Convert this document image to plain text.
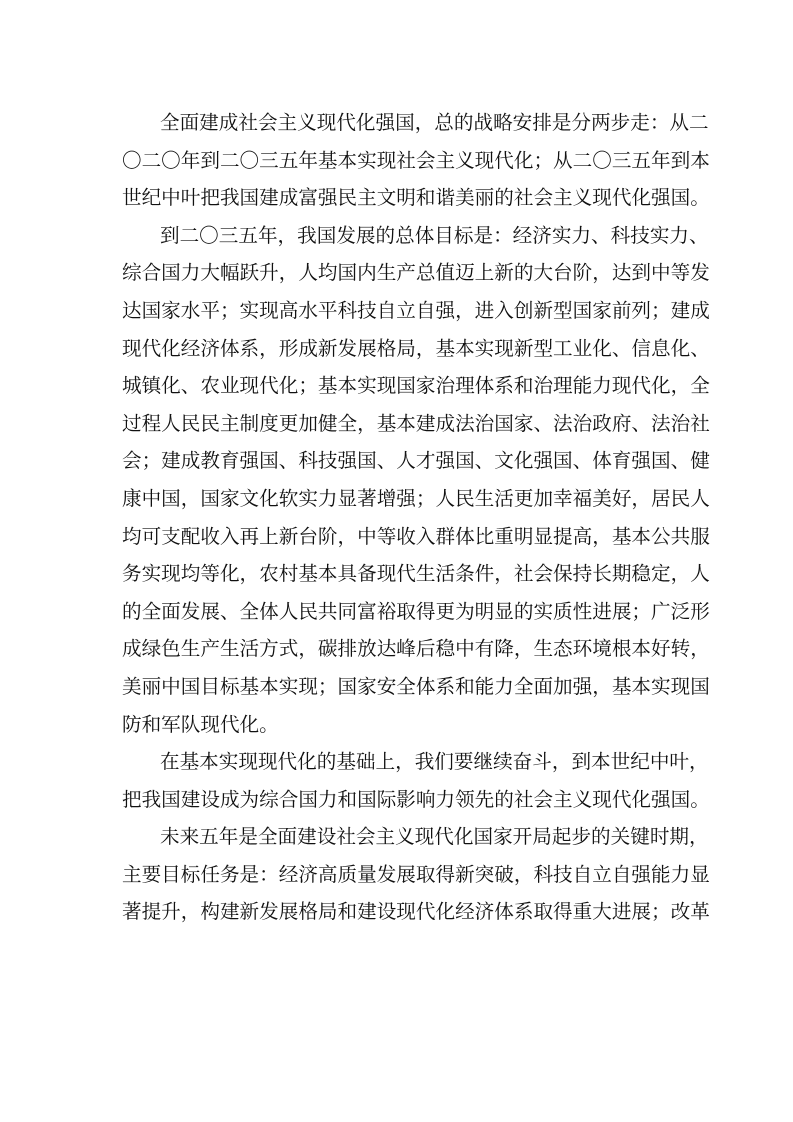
全面建成社会主义现代化强国，总的战略安排是分两步走：从二
〇二〇年到二〇三五年基本实现社会主义现代化；从二〇三五年到本
世纪中叶把我国建成富强民主文明和谐美丽的社会主义现代化强国。
到二〇三五年，我国发展的总体目标是：经济实力、科技实力、
综合国力大幅跃升，人均国内生产总值迈上新的大台阶，达到中等发
达国家水平；实现高水平科技自立自强，进入创新型国家前列；建成
现代化经济体系，形成新发展格局，基本实现新型工业化、信息化、
城镇化、农业现代化；基本实现国家治理体系和治理能力现代化，全
过程人民民主制度更加健全，基本建成法治国家、法治政府、法治社
会；建成教育强国、科技强国、人才强国、文化强国、体育强国、健
康中国，国家文化软实力显著增强；人民生活更加幸福美好，居民人
均可支配收入再上新台阶，中等收入群体比重明显提高，基本公共服
务实现均等化，农村基本具备现代生活条件，社会保持长期稳定，人
的全面发展、全体人民共同富裕取得更为明显的实质性进展；广泛形
成绿色生产生活方式，碳排放达峰后稳中有降，生态环境根本好转，
美丽中国目标基本实现；国家安全体系和能力全面加强，基本实现国
防和军队现代化。
在基本实现现代化的基础上，我们要继续奋斗，到本世纪中叶，
把我国建设成为综合国力和国际影响力领先的社会主义现代化强国。
未来五年是全面建设社会主义现代化国家开局起步的关键时期，
主要目标任务是：经济高质量发展取得新突破，科技自立自强能力显
著提升，构建新发展格局和建设现代化经济体系取得重大进展；改革
